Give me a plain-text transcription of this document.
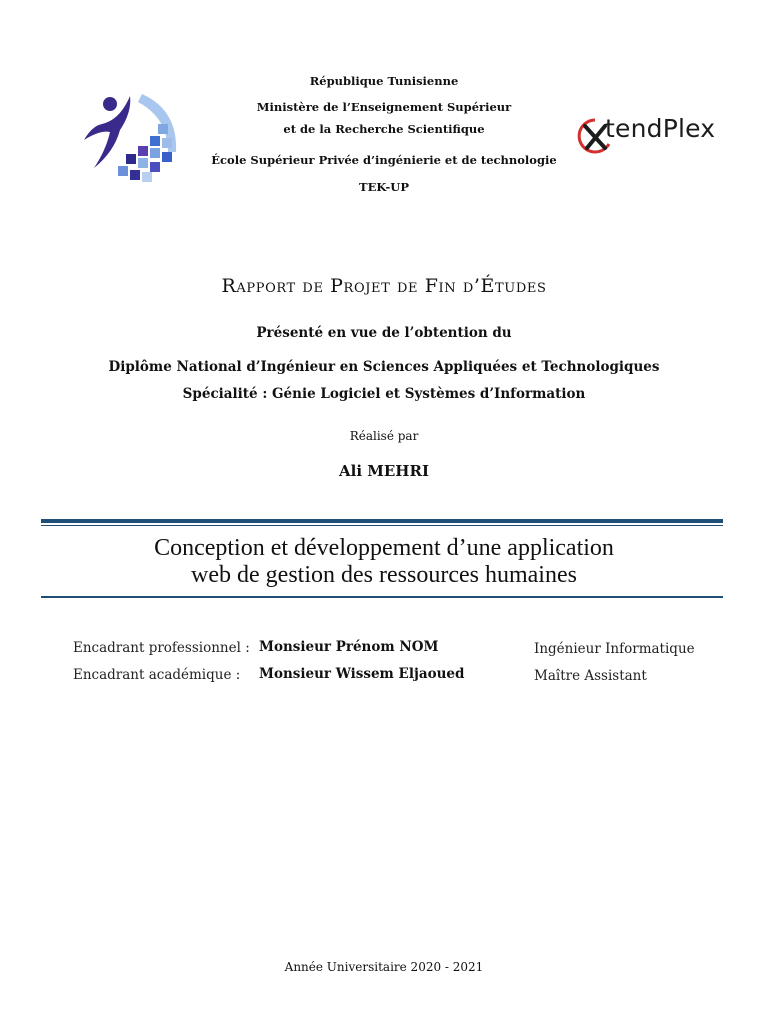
République Tunisienne
Ministère de l’Enseignement Supérieur
et de la Recherche Scientifique
École Supérieur Privée d’ingénierie et de technologie
TEK-UP
tendPlex
Rapport de Projet de Fin d’Études
Présenté en vue de l’obtention du
Diplôme National d’Ingénieur en Sciences Appliquées et Technologiques
Spécialité : Génie Logiciel et Systèmes d’Information
Réalisé par
Ali MEHRI
Conception et développement d’une application
web de gestion des ressources humaines
Encadrant professionnel : Monsieur Prénom NOM	Ingénieur Informatique
Encadrant académique : Monsieur Wissem Eljaoued	Maître Assistant
Année Universitaire 2020 - 2021
